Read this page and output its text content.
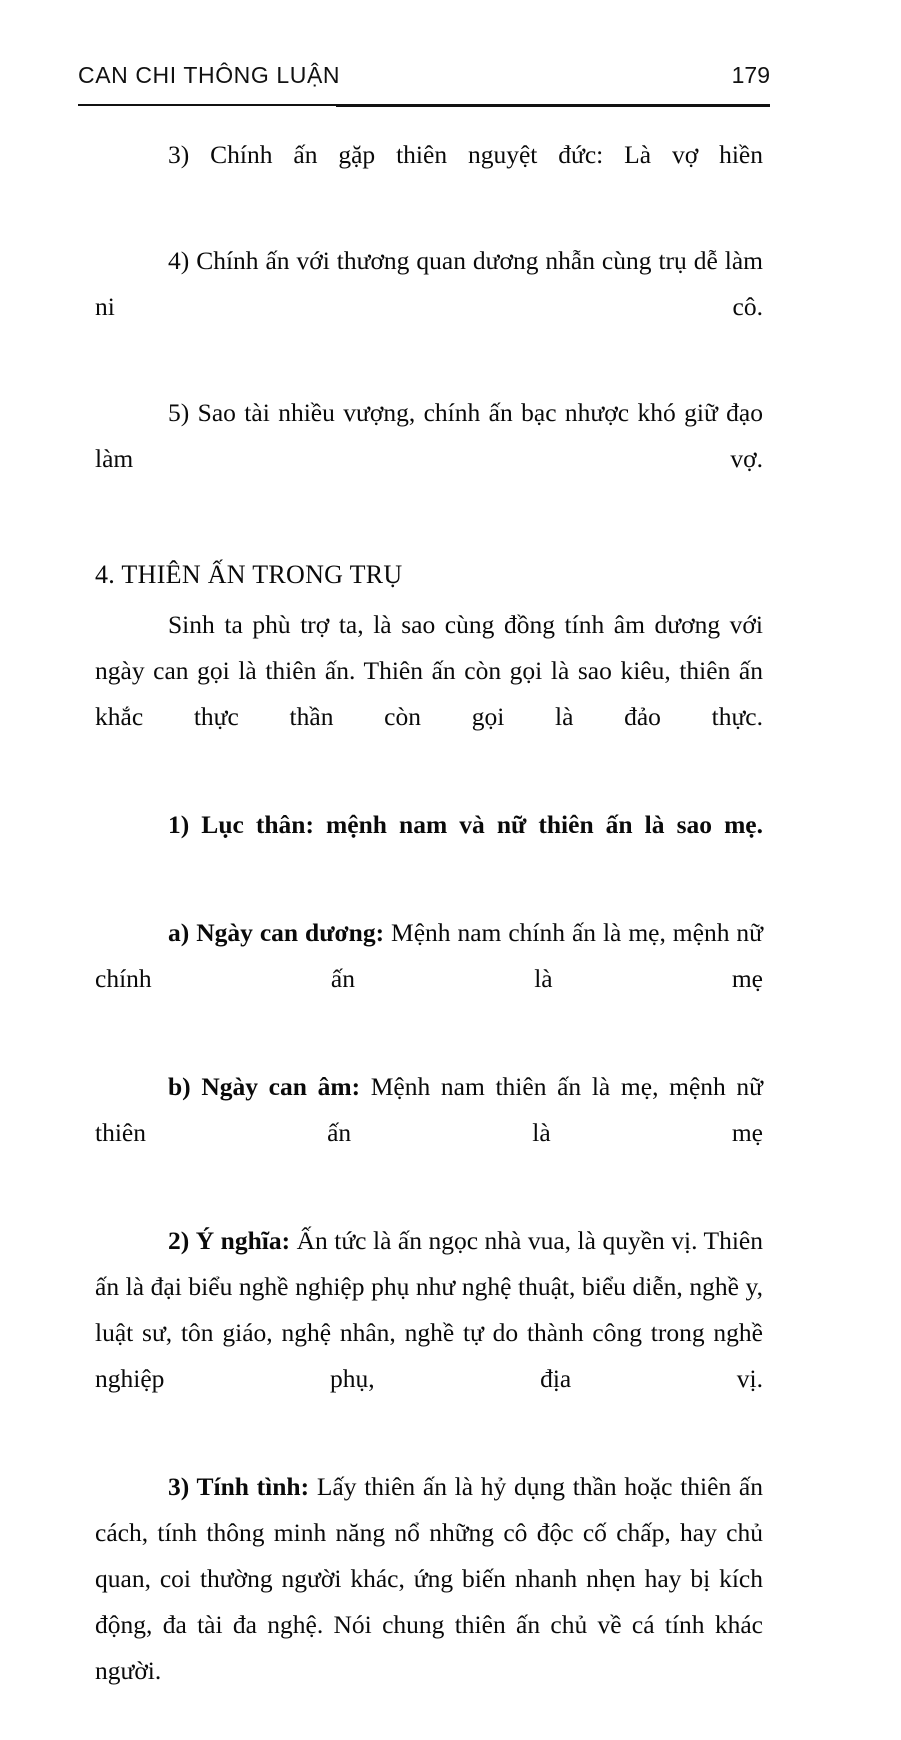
CAN CHI THÔNG LUẬN	179

3) Chính ấn gặp thiên nguyệt đức: Là vợ hiền

4) Chính ấn với thương quan dương nhẫn cùng trụ dễ làm ni cô.

5) Sao tài nhiều vượng, chính ấn bạc nhược khó giữ đạo làm vợ.

4. THIÊN ẤN TRONG TRỤ

Sinh ta phù trợ ta, là sao cùng đồng tính âm dương với ngày can gọi là thiên ấn. Thiên ấn còn gọi là sao kiêu, thiên ấn khắc thực thần còn gọi là đảo thực.

1) Lục thân: mệnh nam và nữ thiên ấn là sao mẹ.

a) Ngày can dương: Mệnh nam chính ấn là mẹ, mệnh nữ chính ấn là mẹ

b) Ngày can âm: Mệnh nam thiên ấn là mẹ, mệnh nữ thiên ấn là mẹ

2) Ý nghĩa: Ấn tức là ấn ngọc nhà vua, là quyền vị. Thiên ấn là đại biểu nghề nghiệp phụ như nghệ thuật, biểu diễn, nghề y, luật sư, tôn giáo, nghệ nhân, nghề tự do thành công trong nghề nghiệp phụ, địa vị.

3) Tính tình: Lấy thiên ấn là hỷ dụng thần hoặc thiên ấn cách, tính thông minh năng nổ những cô độc cố chấp, hay chủ quan, coi thường người khác, ứng biến nhanh nhẹn hay bị kích động, đa tài đa nghệ. Nói chung thiên ấn chủ về cá tính khác người.
